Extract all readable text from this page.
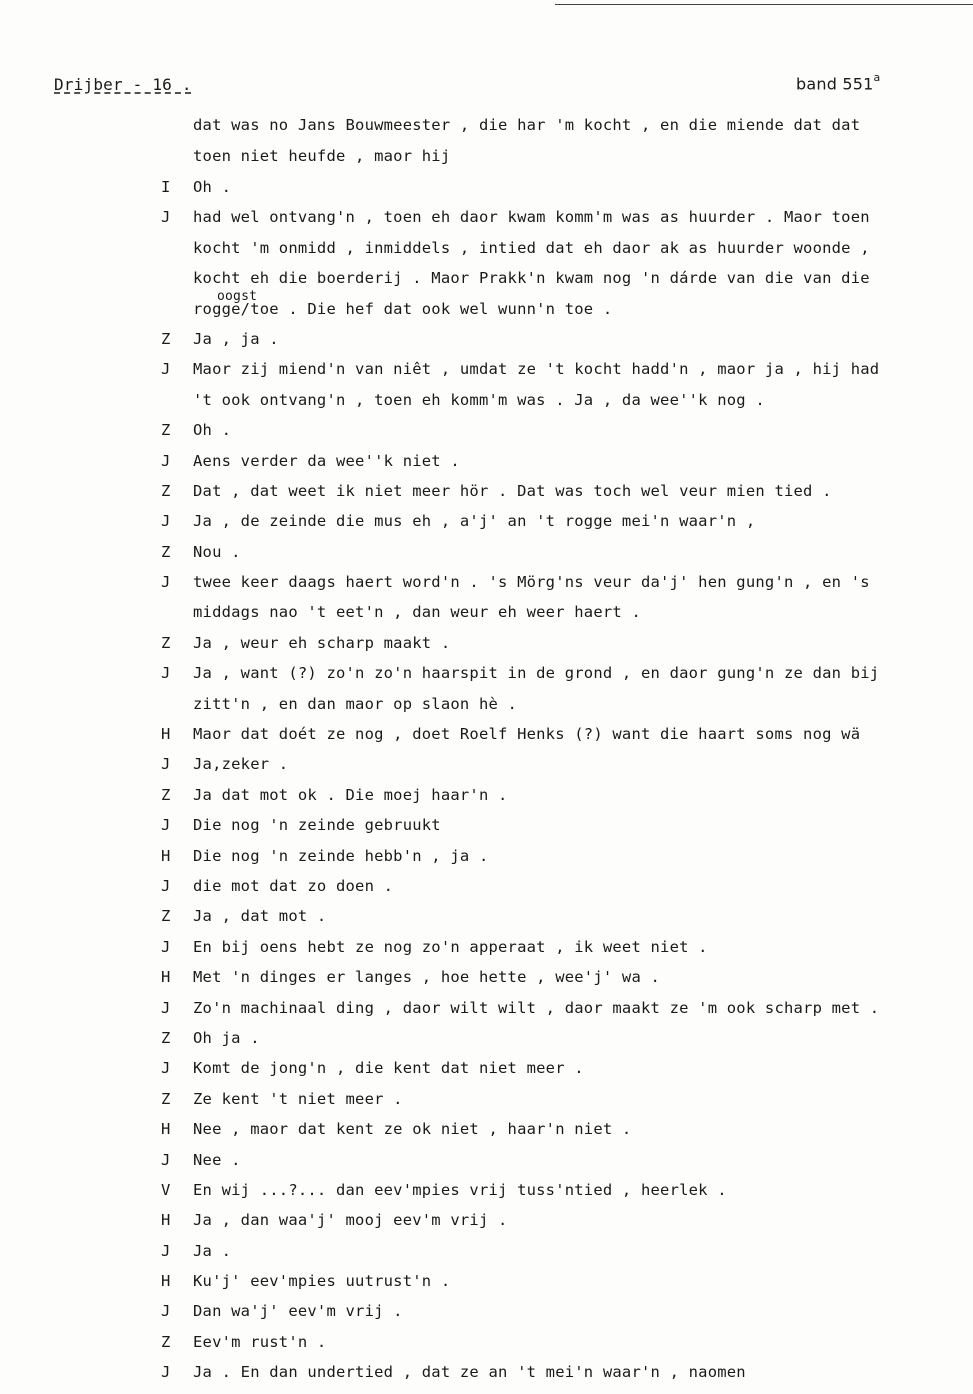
Drijber - 16 .	band 551$^a$
dat was no Jans Bouwmeester , die har 'm kocht , en die miende dat dat
toen niet heufde , maor hij
I	Oh .
J	had wel ontvang'n , toen eh daor kwam komm'm was as huurder . Maor toen
kocht 'm onmidd , inmiddels , intied dat eh daor ak as huurder woonde ,
kocht eh die boerderij . Maor Prakk'n kwam nog 'n dárde van die van die
rogge/toe . Die hef dat ook wel wunn'n toe .
oogst
Z	Ja , ja .
J	Maor zij miend'n van niêt , umdat ze 't kocht hadd'n , maor ja , hij had
't ook ontvang'n , toen eh komm'm was . Ja , da wee''k nog .
Z	Oh .
J	Aens verder da wee''k niet .
Z	Dat , dat weet ik niet meer hör . Dat was toch wel veur mien tied .
J	Ja , de zeinde die mus eh , a'j' an 't rogge mei'n waar'n ,
Z	Nou .
J	twee keer daags haert word'n . 's Mörg'ns veur da'j' hen gung'n , en 's
middags nao 't eet'n , dan weur eh weer haert .
Z	Ja , weur eh scharp maakt .
J	Ja , want (?) zo'n zo'n haarspit in de grond , en daor gung'n ze dan bij
zitt'n , en dan maor op slaon hè .
H	Maor dat doét ze nog , doet Roelf Henks (?) want die haart soms nog wä
J	Ja,zeker .
Z	Ja dat mot ok . Die moej haar'n .
J	Die nog 'n zeinde gebruukt
H	Die nog 'n zeinde hebb'n , ja .
J	die mot dat zo doen .
Z	Ja , dat mot .
J	En bij oens hebt ze nog zo'n apperaat , ik weet niet .
H	Met 'n dinges er langes , hoe hette , wee'j' wa .
J	Zo'n machinaal ding , daor wilt wilt , daor maakt ze 'm ook scharp met .
Z	Oh ja .
J	Komt de jong'n , die kent dat niet meer .
Z	Ze kent 't niet meer .
H	Nee , maor dat kent ze ok niet , haar'n niet .
J	Nee .
V	En wij ...?... dan eev'mpies vrij tuss'ntied , heerlek .
H	Ja , dan waa'j' mooj eev'm vrij .
J	Ja .
H	Ku'j' eev'mpies uutrust'n .
J	Dan wa'j' eev'm vrij .
Z	Eev'm rust'n .
J	Ja . En dan undertied , dat ze an 't mei'n waar'n , naomen
